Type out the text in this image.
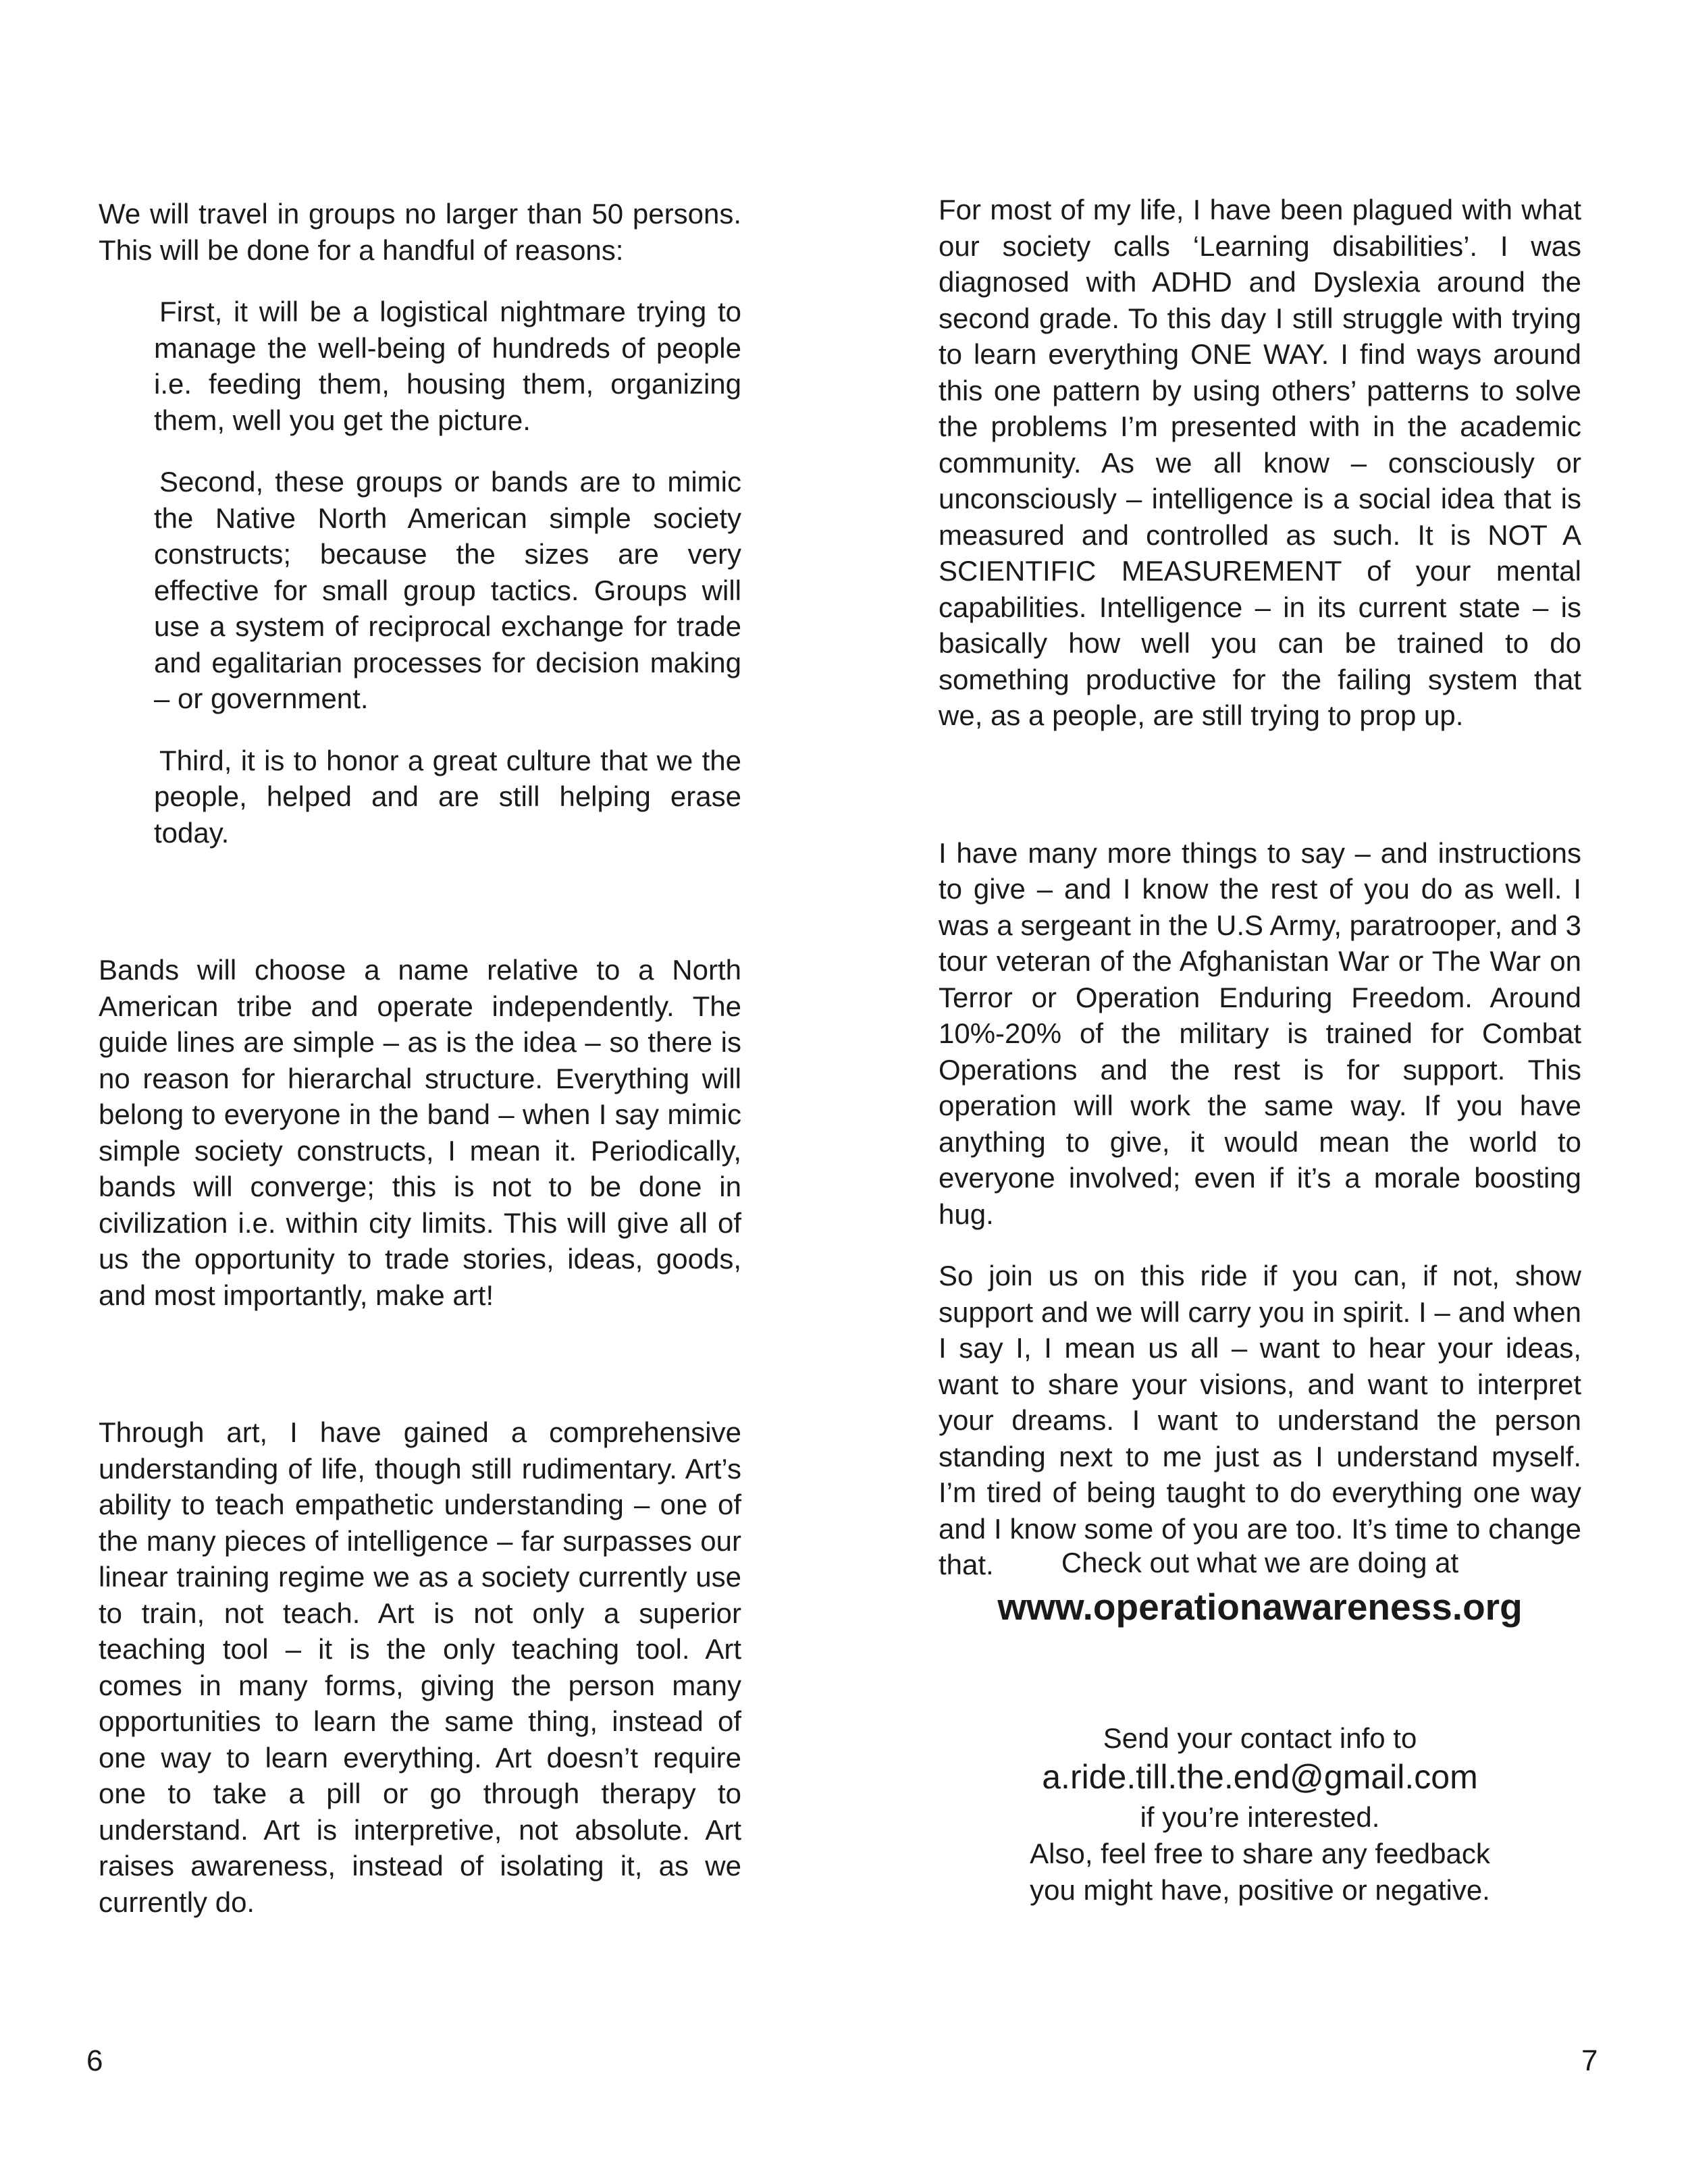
We will travel in groups no larger than 50 persons. This will be done for a handful of reasons:

First, it will be a logistical nightmare trying to manage the well-being of hundreds of people i.e. feeding them, housing them, organizing them, well you get the picture.

Second, these groups or bands are to mimic the Native North American simple society constructs; because the sizes are very effective for small group tactics. Groups will use a system of reciprocal exchange for trade and egalitarian processes for decision making – or government.

Third, it is to honor a great culture that we the people, helped and are still helping erase today.

Bands will choose a name relative to a North American tribe and operate independently. The guide lines are simple – as is the idea – so there is no reason for hierarchal structure. Everything will belong to everyone in the band – when I say mimic simple society constructs, I mean it. Periodically, bands will converge; this is not to be done in civilization i.e. within city limits. This will give all of us the opportunity to trade stories, ideas, goods, and most importantly, make art!

Through art, I have gained a comprehensive understanding of life, though still rudimentary. Art’s ability to teach empathetic understanding – one of the many pieces of intelligence – far surpasses our linear training regime we as a society currently use to train, not teach. Art is not only a superior teaching tool – it is the only teaching tool. Art comes in many forms, giving the person many opportunities to learn the same thing, instead of one way to learn everything. Art doesn’t require one to take a pill or go through therapy to understand. Art is interpretive, not absolute. Art raises awareness, instead of isolating it, as we currently do.

6

For most of my life, I have been plagued with what our society calls ‘Learning disabilities’. I was diagnosed with ADHD and Dyslexia around the second grade. To this day I still struggle with trying to learn everything ONE WAY. I find ways around this one pattern by using others’ patterns to solve the problems I’m presented with in the academic community. As we all know – consciously or unconsciously – intelligence is a social idea that is measured and controlled as such. It is NOT A SCIENTIFIC MEASUREMENT of your mental capabilities. Intelligence – in its current state – is basically how well you can be trained to do something productive for the failing system that we, as a people, are still trying to prop up.

I have many more things to say – and instructions to give – and I know the rest of you do as well. I was a sergeant in the U.S Army, paratrooper, and 3 tour veteran of the Afghanistan War or The War on Terror or Operation Enduring Freedom. Around 10%-20% of the military is trained for Combat Operations and the rest is for support. This operation will work the same way. If you have anything to give, it would mean the world to everyone involved; even if it’s a morale boosting hug.

So join us on this ride if you can, if not, show support and we will carry you in spirit. I – and when I say I, I mean us all – want to hear your ideas, want to share your visions, and want to interpret your dreams. I want to understand the person standing next to me just as I understand myself. I’m tired of being taught to do everything one way and I know some of you are too. It’s time to change that.	Check out what we are doing at
www.operationawareness.org
Send your contact info to
a.ride.till.the.end@gmail.com
if you’re interested.
Also, feel free to share any feedback
you might have, positive or negative.
7
